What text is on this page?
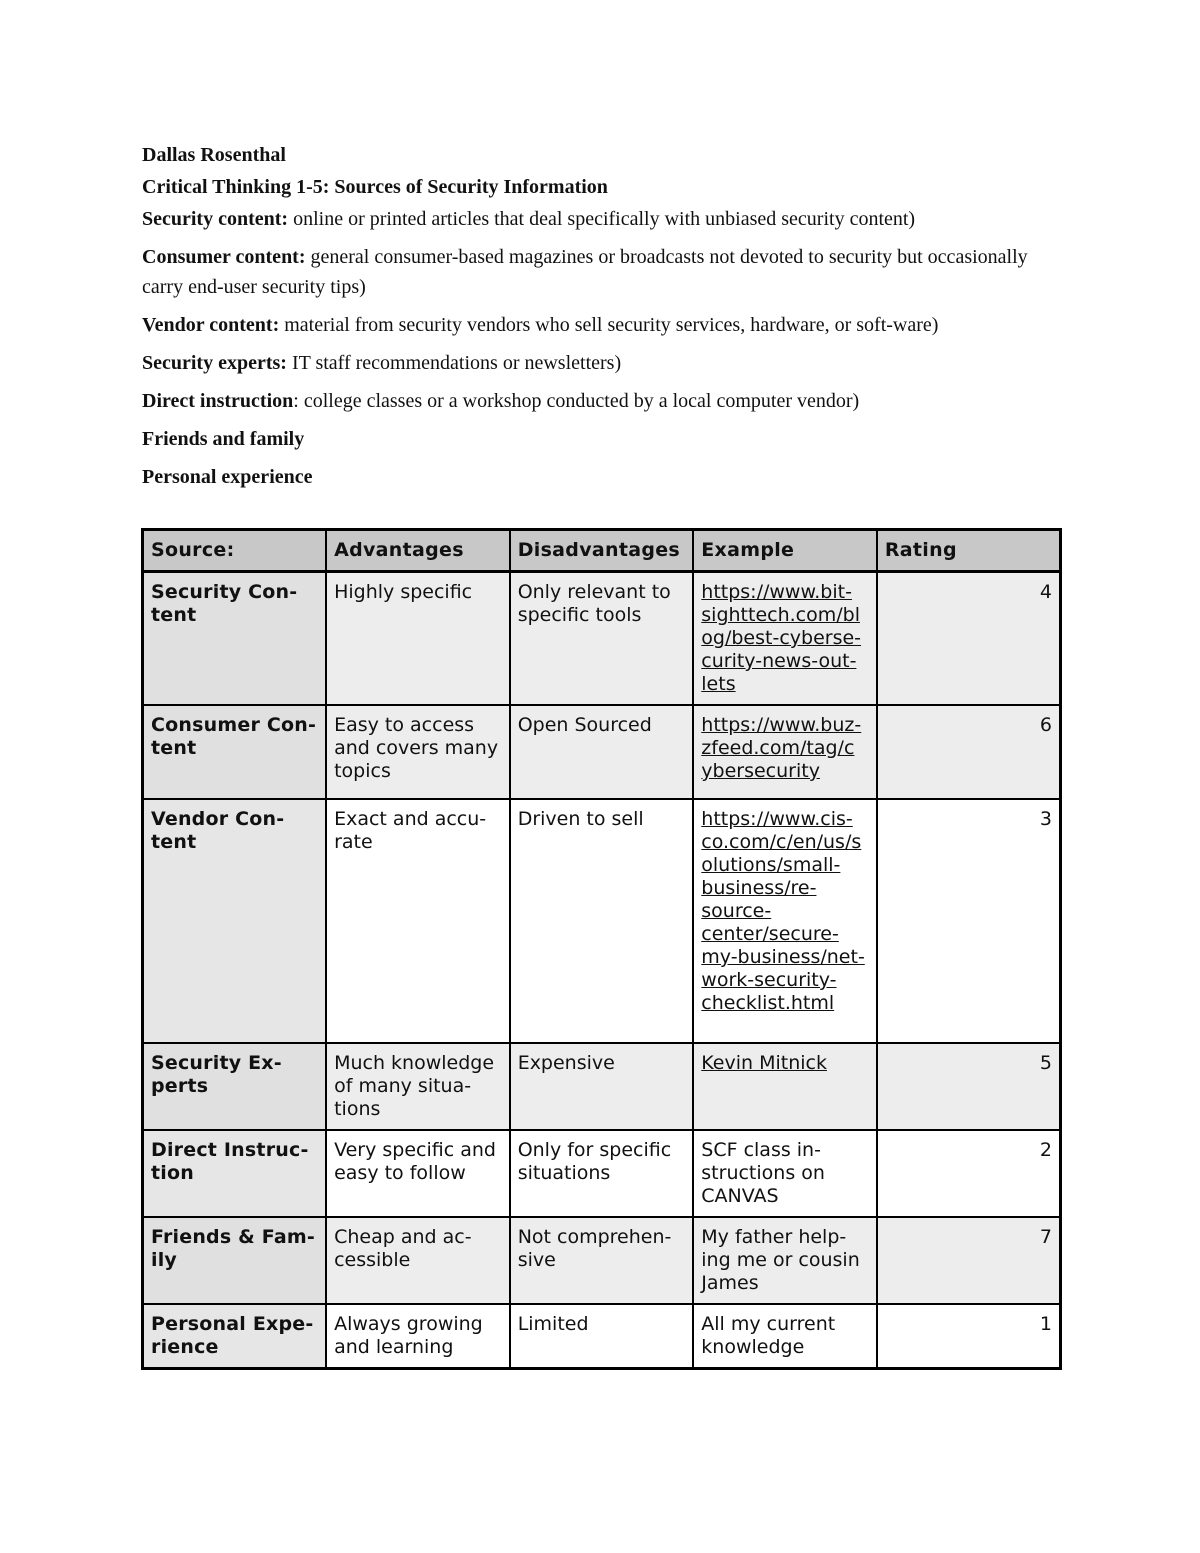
Dallas Rosenthal

Critical Thinking 1-5: Sources of Security Information

Security content: online or printed articles that deal specifically with unbiased security content)

Consumer content: general consumer-based magazines or broadcasts not devoted to security but occasionally carry end-user security tips)

Vendor content: material from security vendors who sell security services, hardware, or soft-ware)

Security experts: IT staff recommendations or newsletters)

Direct instruction: college classes or a workshop conducted by a local computer vendor)

Friends and family

Personal experience

Source:	Advantages	Disadvantages	Example	Rating
Security Con-tent	Highly specific	Only relevant to specific tools	https://www.bit-sighttech.com/bl og/best-cyberse-curity-news-out-lets	4
Consumer Con-tent	Easy to access and covers many topics	Open Sourced	https://www.buz-zfeed.com/tag/c ybersecurity	6
Vendor Con-tent	Exact and accu-rate	Driven to sell	https://www.cis-co.com/c/en/us/s olutions/small-business/re-source-center/secure-my-business/net-work-security-checklist.html	3
Security Ex-perts	Much knowledge of many situa-tions	Expensive	Kevin Mitnick	5
Direct Instruc-tion	Very specific and easy to follow	Only for specific situations	SCF class in-structions on CANVAS	2
Friends & Fam-ily	Cheap and ac-cessible	Not comprehen-sive	My father help-ing me or cousin James	7
Personal Expe-rience	Always growing and learning	Limited	All my current knowledge	1
